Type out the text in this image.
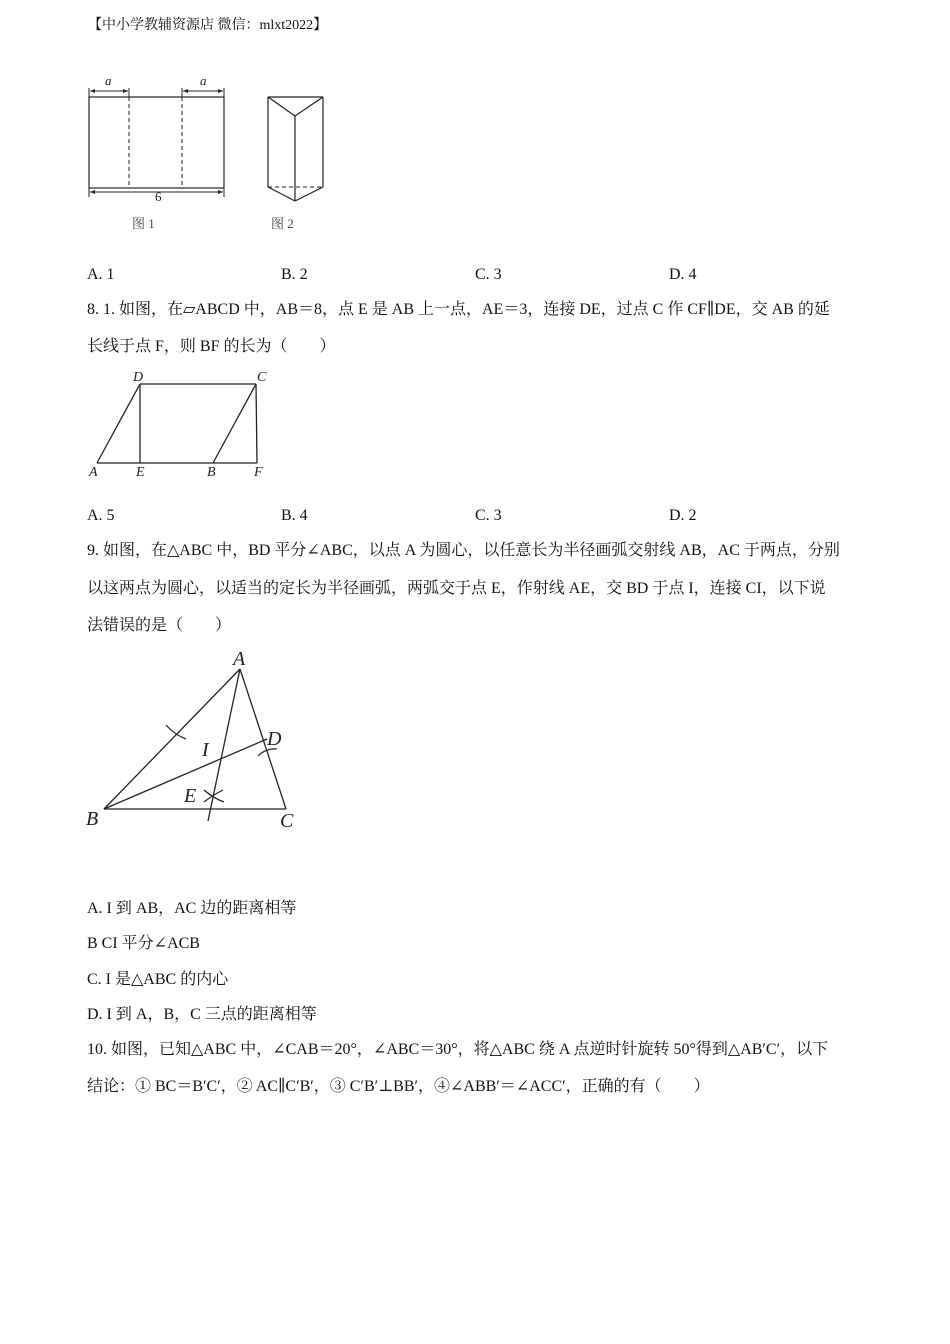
【中小学教辅资源店 微信：mlxt2022】
a	a
6
图 1	图 2
A. 1	B. 2	C. 3	D. 4
8. 1. 如图，在▱ABCD 中，AB＝8，点 E 是 AB 上一点，AE＝3，连接 DE，过点 C 作 CF∥DE，交 AB 的延
长线于点 F，则 BF 的长为（　　）
D	C
A	E	B	F
A. 5	B. 4	C. 3	D. 2
9. 如图，在△ABC 中，BD 平分∠ABC，以点 A 为圆心，以任意长为半径画弧交射线 AB，AC 于两点，分别
以这两点为圆心，以适当的定长为半径画弧，两弧交于点 E，作射线 AE，交 BD 于点 I，连接 CI，以下说
法错误的是（　　）
A
B	C
D
I
E
A. I 到 AB，AC 边的距离相等
B CI 平分∠ACB
C. I 是△ABC 的内心
D. I 到 A，B，C 三点的距离相等
10. 如图，已知△ABC 中，∠CAB＝20°，∠ABC＝30°，将△ABC 绕 A 点逆时针旋转 50°得到△AB′C′，以下
结论：① BC＝B′C′，② AC∥C′B′，③ C′B′⊥BB′，④∠ABB′＝∠ACC′，正确的有（　　）
